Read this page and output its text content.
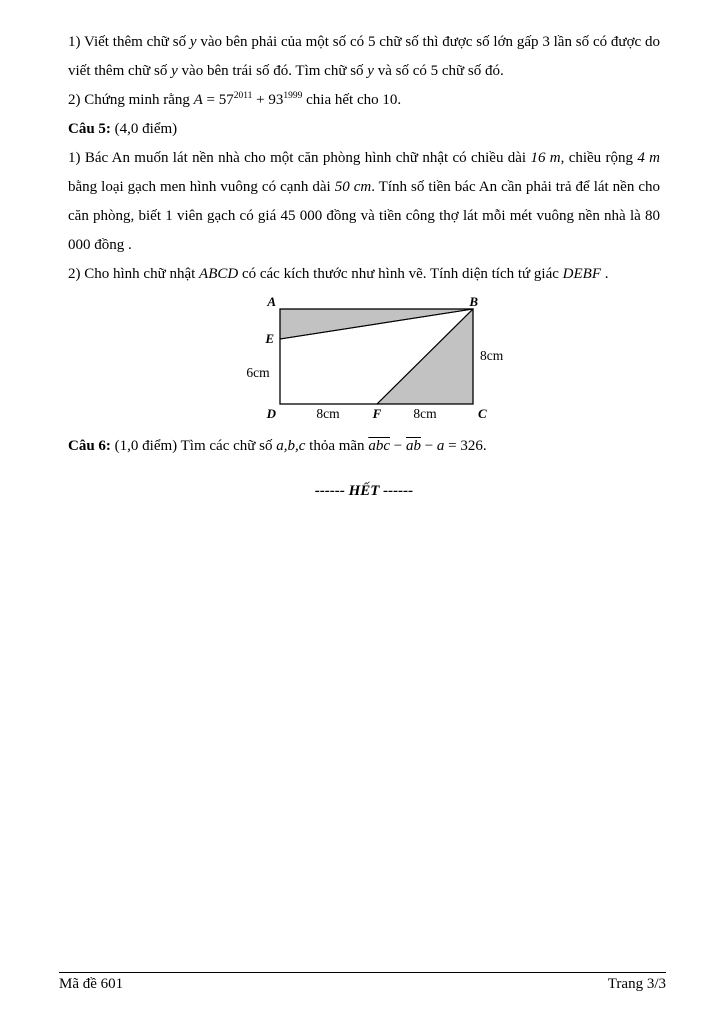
1) Viết thêm chữ số y vào bên phải của một số có 5 chữ số thì được số lớn gấp 3 lần số có được do viết thêm chữ số y vào bên trái số đó. Tìm chữ số y và số có 5 chữ số đó.

2) Chứng minh rằng $A = 57^{2011} + 93^{1999}$ chia hết cho 10.

Câu 5: (4,0 điểm)

1) Bác An muốn lát nền nhà cho một căn phòng hình chữ nhật có chiều dài 16 m, chiều rộng 4 m bằng loại gạch men hình vuông có cạnh dài 50 cm. Tính số tiền bác An cần phải trả để lát nền cho căn phòng, biết 1 viên gạch có giá 45 000 đồng và tiền công thợ lát mỗi mét vuông nền nhà là 80 000 đồng .

2) Cho hình chữ nhật ABCD có các kích thước như hình vẽ. Tính diện tích tứ giác DEBF .

A	B
E
D	C
F
6cm
8cm
8cm	8cm

Câu 6: (1,0 điểm) Tìm các chữ số a,b,c thỏa mãn $\overline{abc} - \overline{ab} - a = 326$.

------ HẾT ------

Mã đề 601	Trang 3/3
